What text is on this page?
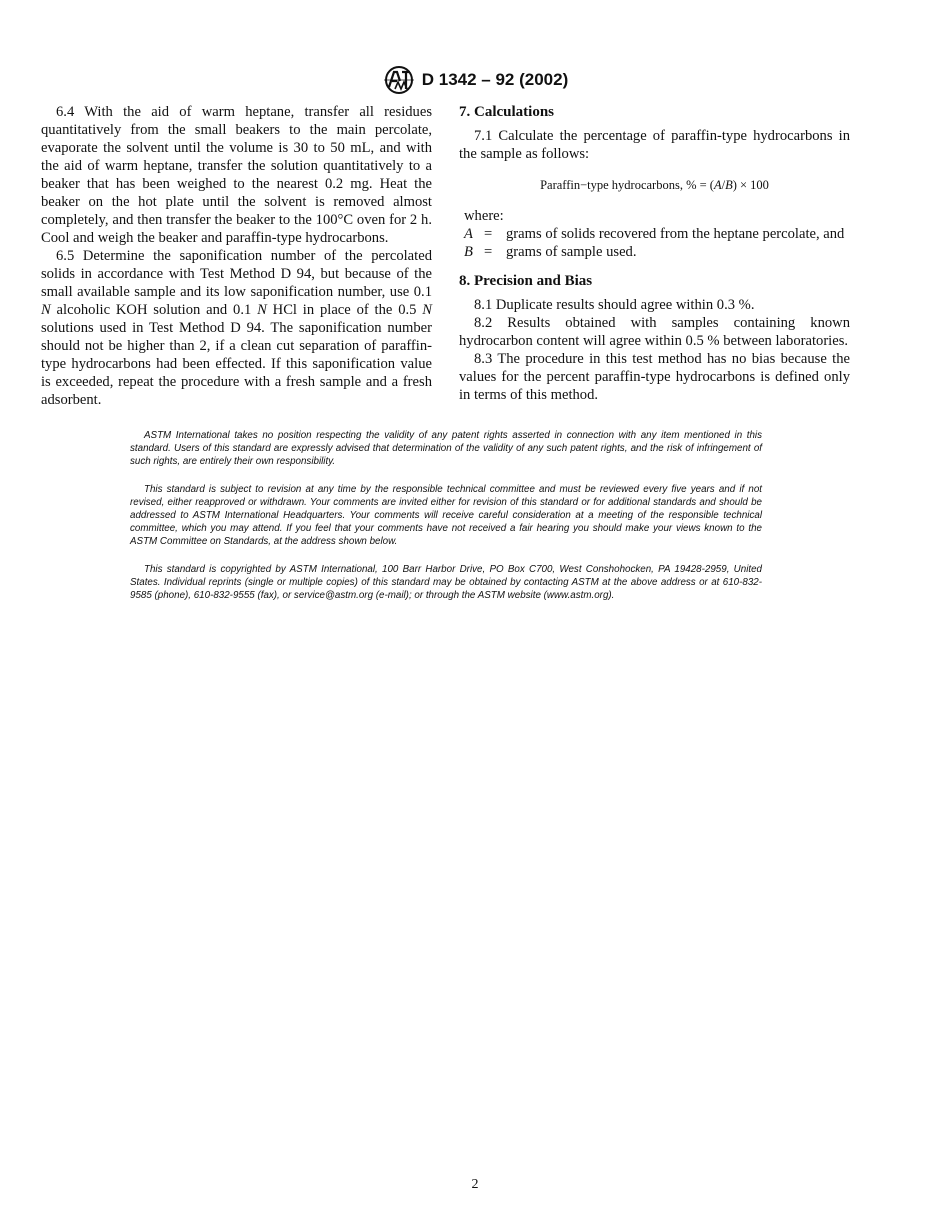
D 1342 – 92 (2002)

6.4 With the aid of warm heptane, transfer all residues quantitatively from the small beakers to the main percolate, evaporate the solvent until the volume is 30 to 50 mL, and with the aid of warm heptane, transfer the solution quantitatively to a beaker that has been weighed to the nearest 0.2 mg. Heat the beaker on the hot plate until the solvent is removed almost completely, and then transfer the beaker to the 100°C oven for 2 h. Cool and weigh the beaker and paraffin-type hydrocarbons.

6.5 Determine the saponification number of the percolated solids in accordance with Test Method D 94, but because of the small available sample and its low saponification number, use 0.1 N alcoholic KOH solution and 0.1 N HCl in place of the 0.5 N solutions used in Test Method D 94. The saponification number should not be higher than 2, if a clean cut separation of paraffin-type hydrocarbons had been effected. If this saponification value is exceeded, repeat the procedure with a fresh sample and a fresh adsorbent.

7. Calculations

7.1 Calculate the percentage of paraffin-type hydrocarbons in the sample as follows:

Paraffin−type hydrocarbons, % = (A/B) × 100
where:
A = grams of solids recovered from the heptane percolate, and
B = grams of sample used.
8. Precision and Bias

8.1 Duplicate results should agree within 0.3 %.

8.2 Results obtained with samples containing known hydrocarbon content will agree within 0.5 % between laboratories.

8.3 The procedure in this test method has no bias because the values for the percent paraffin-type hydrocarbons is defined only in terms of this method.

ASTM International takes no position respecting the validity of any patent rights asserted in connection with any item mentioned in this standard. Users of this standard are expressly advised that determination of the validity of any such patent rights, and the risk of infringement of such rights, are entirely their own responsibility.

This standard is subject to revision at any time by the responsible technical committee and must be reviewed every five years and if not revised, either reapproved or withdrawn. Your comments are invited either for revision of this standard or for additional standards and should be addressed to ASTM International Headquarters. Your comments will receive careful consideration at a meeting of the responsible technical committee, which you may attend. If you feel that your comments have not received a fair hearing you should make your views known to the ASTM Committee on Standards, at the address shown below.

This standard is copyrighted by ASTM International, 100 Barr Harbor Drive, PO Box C700, West Conshohocken, PA 19428-2959, United States. Individual reprints (single or multiple copies) of this standard may be obtained by contacting ASTM at the above address or at 610-832-9585 (phone), 610-832-9555 (fax), or service@astm.org (e-mail); or through the ASTM website (www.astm.org).

2
